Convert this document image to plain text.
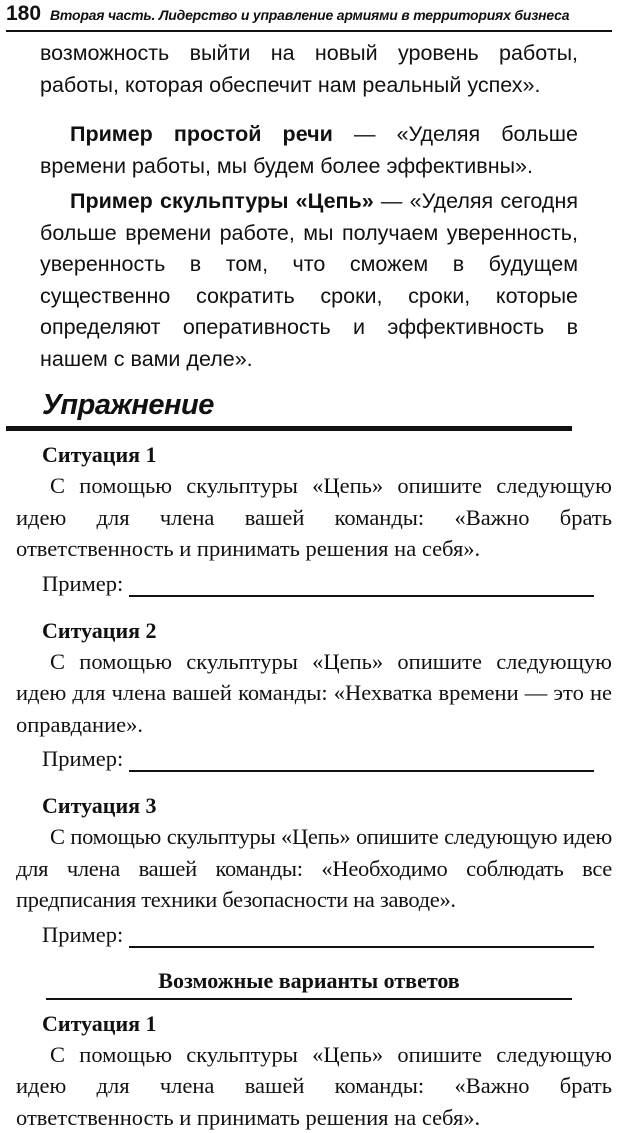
180 Вторая часть. Лидерство и управление армиями в территориях бизнеса

возможность выйти на новый уровень работы, работы, которая обеспечит нам реальный успех».

Пример простой речи — «Уделяя больше времени работы, мы будем более эффективны».

Пример скульптуры «Цепь» — «Уделяя сегодня больше времени работе, мы получаем уверенность, уверенность в том, что сможем в будущем существенно сократить сроки, сроки, которые определяют оперативность и эффективность в нашем с вами деле».

Упражнение
Ситуация 1

С помощью скульптуры «Цепь» опишите следующую идею для члена вашей команды: «Важно брать ответственность и принимать решения на себя».

Пример:
Ситуация 2

С помощью скульптуры «Цепь» опишите следующую идею для члена вашей команды: «Нехватка времени — это не оправдание».

Пример:
Ситуация 3

С помощью скульптуры «Цепь» опишите следующую идею для члена вашей команды: «Необходимо соблюдать все предписания техники безопасности на заводе».

Пример:
Возможные варианты ответов
Ситуация 1

С помощью скульптуры «Цепь» опишите следующую идею для члена вашей команды: «Важно брать ответственность и принимать решения на себя».
